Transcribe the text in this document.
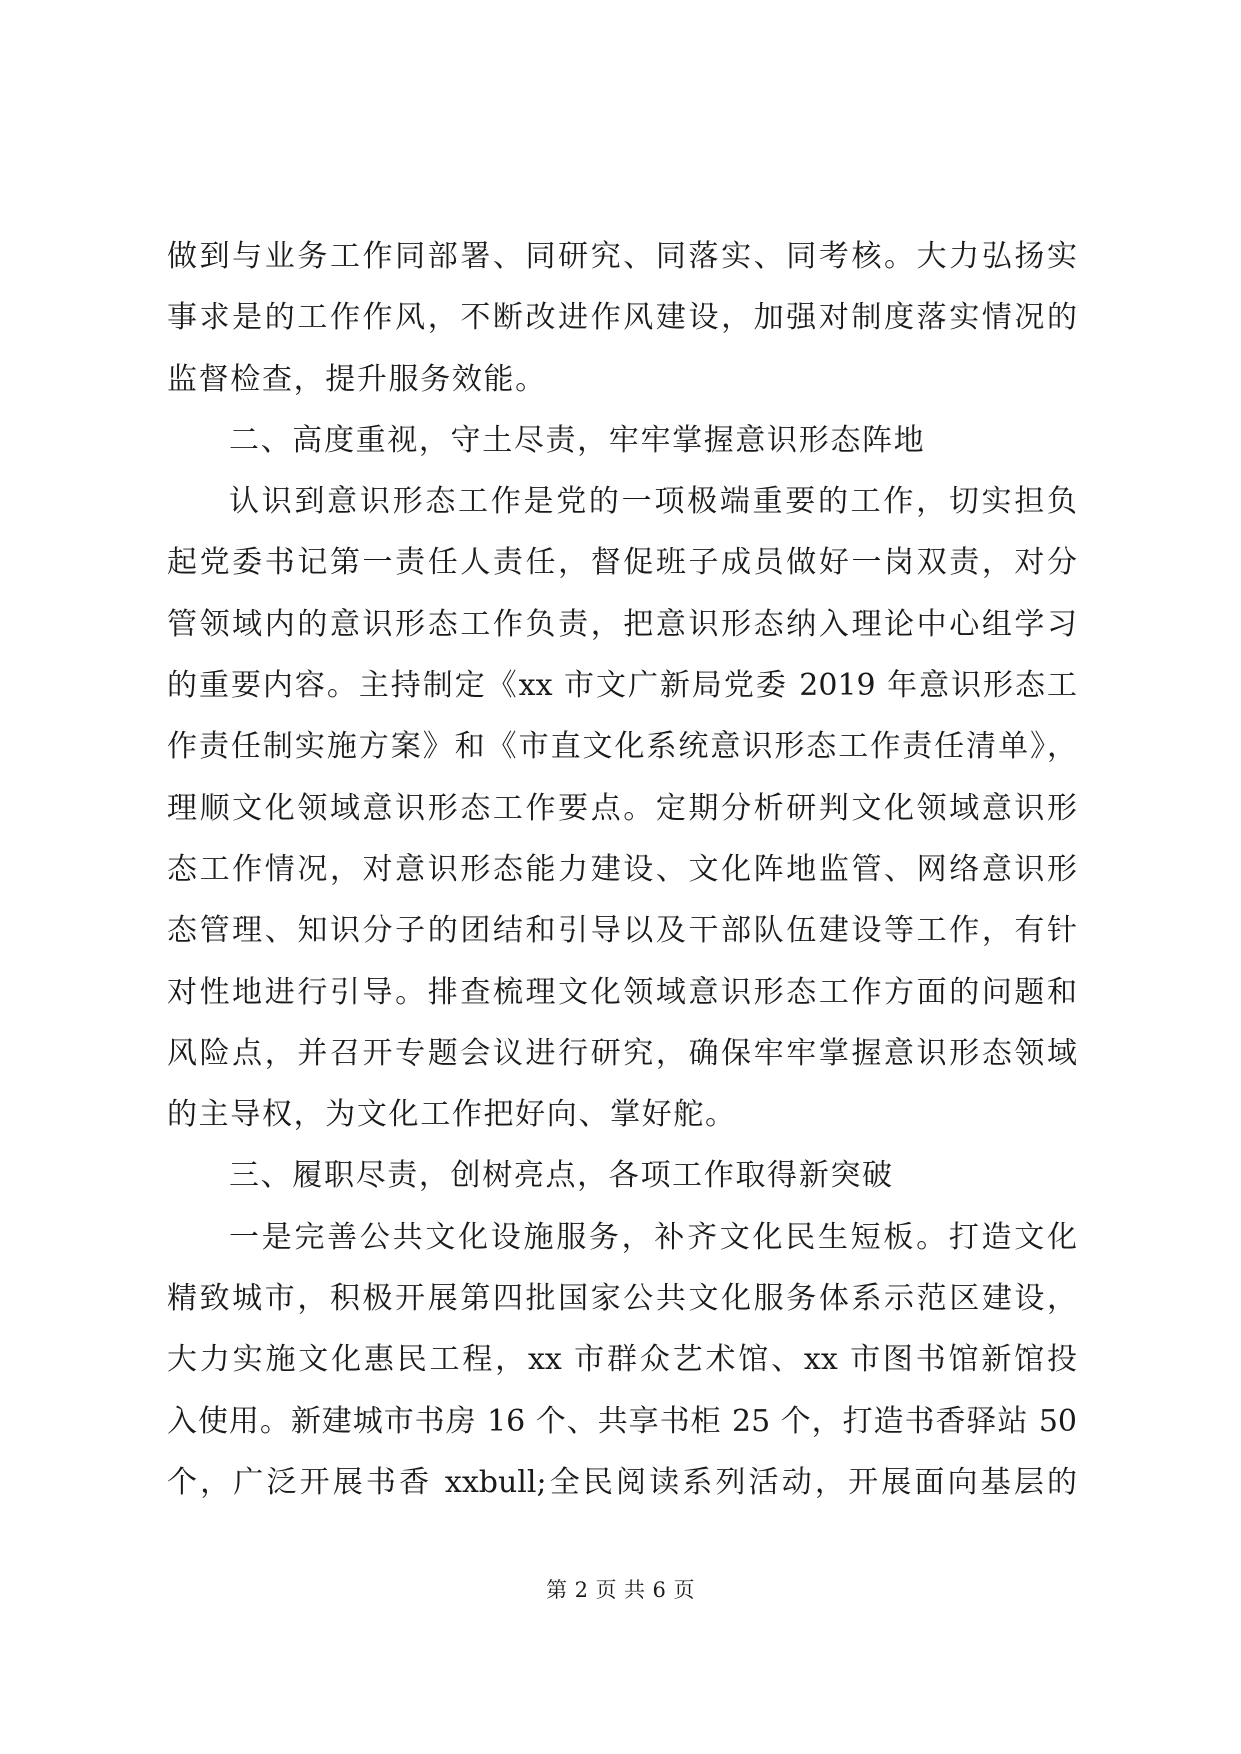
做到与业务工作同部署、同研究、同落实、同考核。大力弘扬实
事求是的工作作风，不断改进作风建设，加强对制度落实情况的
监督检查，提升服务效能。
二、高度重视，守土尽责，牢牢掌握意识形态阵地
认识到意识形态工作是党的一项极端重要的工作，切实担负
起党委书记第一责任人责任，督促班子成员做好一岗双责，对分
管领域内的意识形态工作负责，把意识形态纳入理论中心组学习
的重要内容。主持制定《xx 市文广新局党委 2019 年意识形态工
作责任制实施方案》和《市直文化系统意识形态工作责任清单》，
理顺文化领域意识形态工作要点。定期分析研判文化领域意识形
态工作情况，对意识形态能力建设、文化阵地监管、网络意识形
态管理、知识分子的团结和引导以及干部队伍建设等工作，有针
对性地进行引导。排查梳理文化领域意识形态工作方面的问题和
风险点，并召开专题会议进行研究，确保牢牢掌握意识形态领域
的主导权，为文化工作把好向、掌好舵。
三、履职尽责，创树亮点，各项工作取得新突破
一是完善公共文化设施服务，补齐文化民生短板。打造文化
精致城市，积极开展第四批国家公共文化服务体系示范区建设，
大力实施文化惠民工程，xx 市群众艺术馆、xx 市图书馆新馆投
入使用。新建城市书房 16 个、共享书柜 25 个，打造书香驿站 50
个，广泛开展书香 xxbull;全民阅读系列活动，开展面向基层的
第 2 页 共 6 页
